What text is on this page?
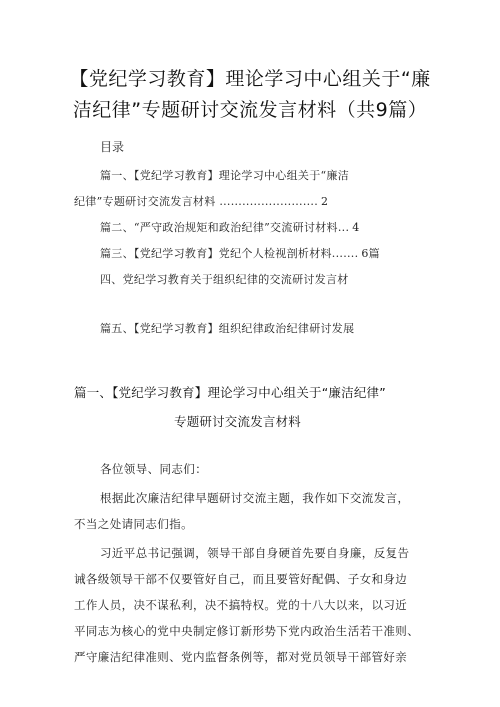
【党纪学习教育】理论学习中心组关于“廉
洁纪律”专题研讨交流发言材料（共9篇）
目录
篇一、【党纪学习教育】理论学习中心组关于“廉洁
纪律”专题研讨交流发言材料 .......................... 2
篇二、“严守政治规矩和政治纪律”交流研讨材料... 4
篇三、【党纪学习教育】党纪个人检视剖析材料....... 6篇
四、党纪学习教育关于组织纪律的交流研讨发言材
篇五、【党纪学习教育】组织纪律政治纪律研讨发展
篇一、【党纪学习教育】理论学习中心组关于“廉洁纪律”
专题研讨交流发言材料
各位领导、同志们：
根据此次廉洁纪律早题研讨交流主题，我作如下交流发言，
不当之处请同志们指。
习近平总书记强调，领导干部自身硬首先要自身廉，反复告
诫各级领导干部不仅要管好自己，而且要管好配偶、子女和身边
工作人员，决不谋私利，决不搞特权。党的十八大以来，以习近
平同志为核心的党中央制定修订新形势下党内政治生活若干准则、
严守廉洁纪律准则、党内监督条例等，都对党员领导干部管好亲
